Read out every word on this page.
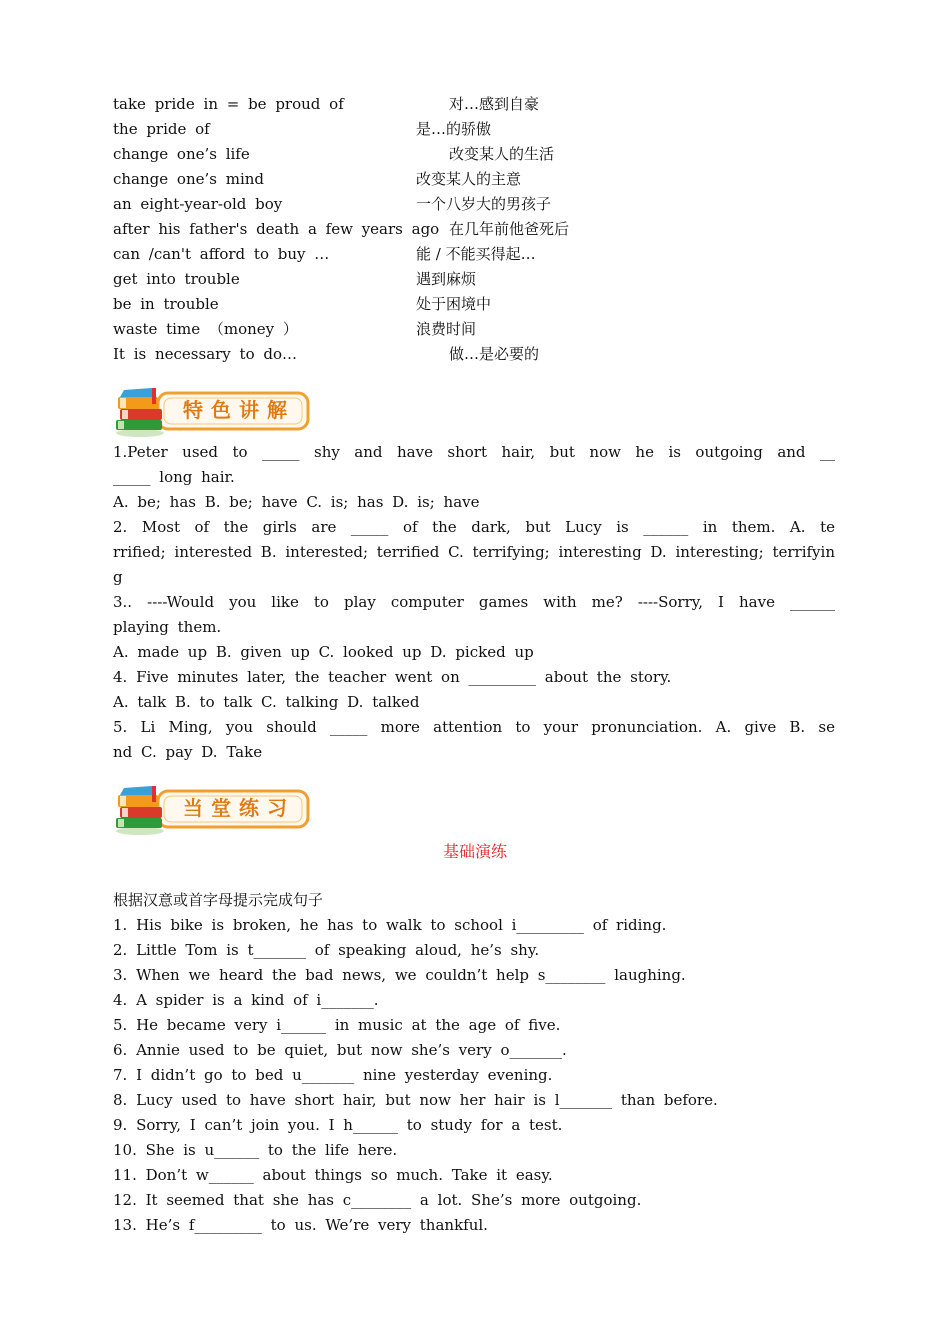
take pride in = be proud of	对…感到自豪
the pride of	是…的骄傲
change one’s life	改变某人的生活
change one’s mind	改变某人的主意
an eight-year-old boy	一个八岁大的男孩子
after his father's death a few years ago 在几年前他爸死后
can /can't afford to buy …	能 / 不能买得起…
get into trouble	遇到麻烦
be in trouble	处于困境中
waste time （money ）	浪费时间
It is necessary to do…	做…是必要的
特色讲解
1.Peter used to _____ shy and have short hair, but now he is outgoing and __
_____ long hair.
A. be; has B. be; have C. is; has D. is; have
2. Most of the girls are _____ of the dark, but Lucy is ______ in them. A. te
rrified; interested B. interested; terrified C. terrifying; interesting D. interesting; terrifyin
g
3.. ----Would you like to play computer games with me? ----Sorry, I have ______
playing them.
A. made up B. given up C. looked up D. picked up
4. Five minutes later, the teacher went on _________ about the story.
A. talk B. to talk C. talking D. talked
5. Li Ming, you should _____ more attention to your pronunciation. A. give B. se
nd C. pay D. Take
当堂练习
基础演练
根据汉意或首字母提示完成句子
1. His bike is broken, he has to walk to school i_________ of riding.
2. Little Tom is t_______ of speaking aloud, he’s shy.
3. When we heard the bad news, we couldn’t help s________ laughing.
4. A spider is a kind of i_______.
5. He became very i______ in music at the age of five.
6. Annie used to be quiet, but now she’s very o_______.
7. I didn’t go to bed u_______ nine yesterday evening.
8. Lucy used to have short hair, but now her hair is l_______ than before.
9. Sorry, I can’t join you. I h______ to study for a test.
10. She is u______ to the life here.
11. Don’t w______ about things so much. Take it easy.
12. It seemed that she has c________ a lot. She’s more outgoing.
13. He’s f_________ to us. We’re very thankful.
